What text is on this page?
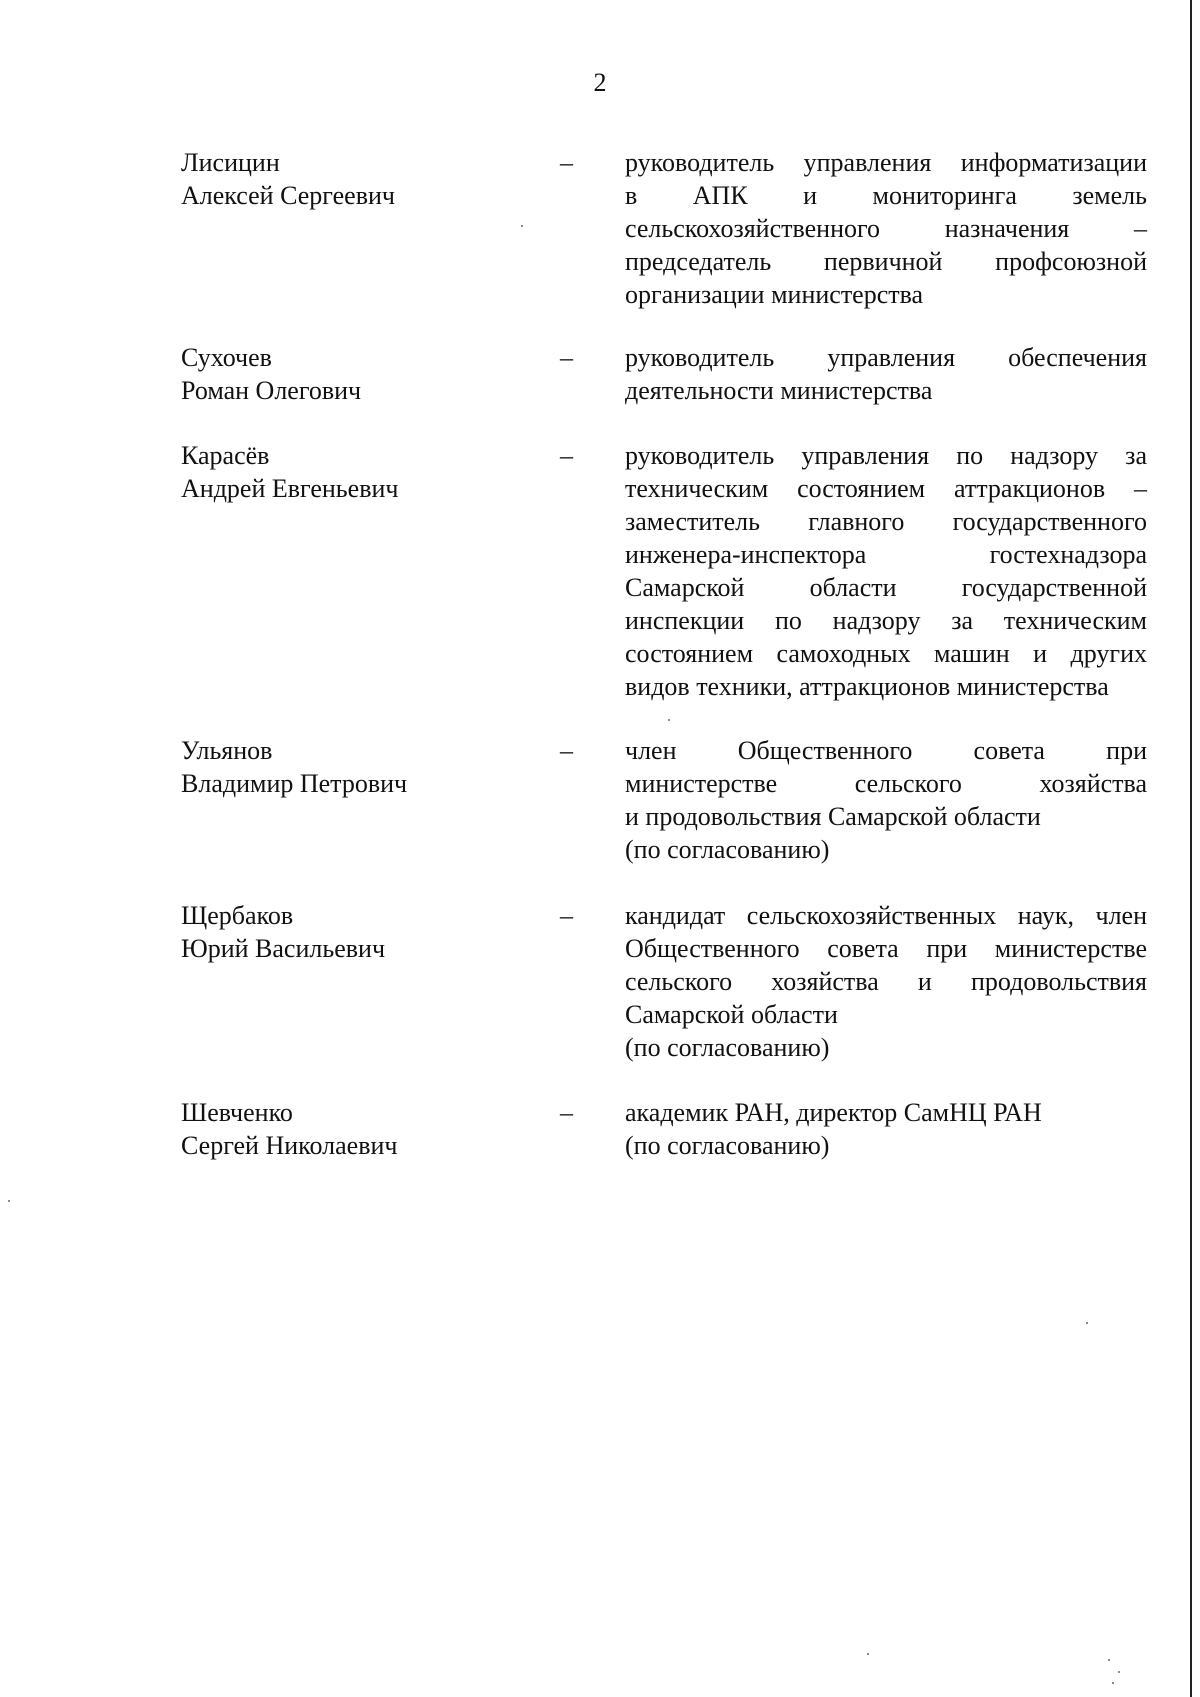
2
Лисицин
Алексей Сергеевич
– руководитель управления информатизации
в АПК и мониторинга земель
сельскохозяйственного назначения –
председатель первичной профсоюзной
организации министерства
Сухочев
Роман Олегович
– руководитель управления обеспечения
деятельности министерства
Карасёв
Андрей Евгеньевич
– руководитель управления по надзору за
техническим состоянием аттракционов –
заместитель главного государственного
инженера-инспектора гостехнадзора
Самарской области государственной
инспекции по надзору за техническим
состоянием самоходных машин и других
видов техники, аттракционов министерства
Ульянов
Владимир Петрович
– член Общественного совета при
министерстве сельского хозяйства
и продовольствия Самарской области
(по согласованию)
Щербаков
Юрий Васильевич
– кандидат сельскохозяйственных наук, член
Общественного совета при министерстве
сельского хозяйства и продовольствия
Самарской области
(по согласованию)
Шевченко
Сергей Николаевич
– академик РАН, директор СамНЦ РАН
(по согласованию)
